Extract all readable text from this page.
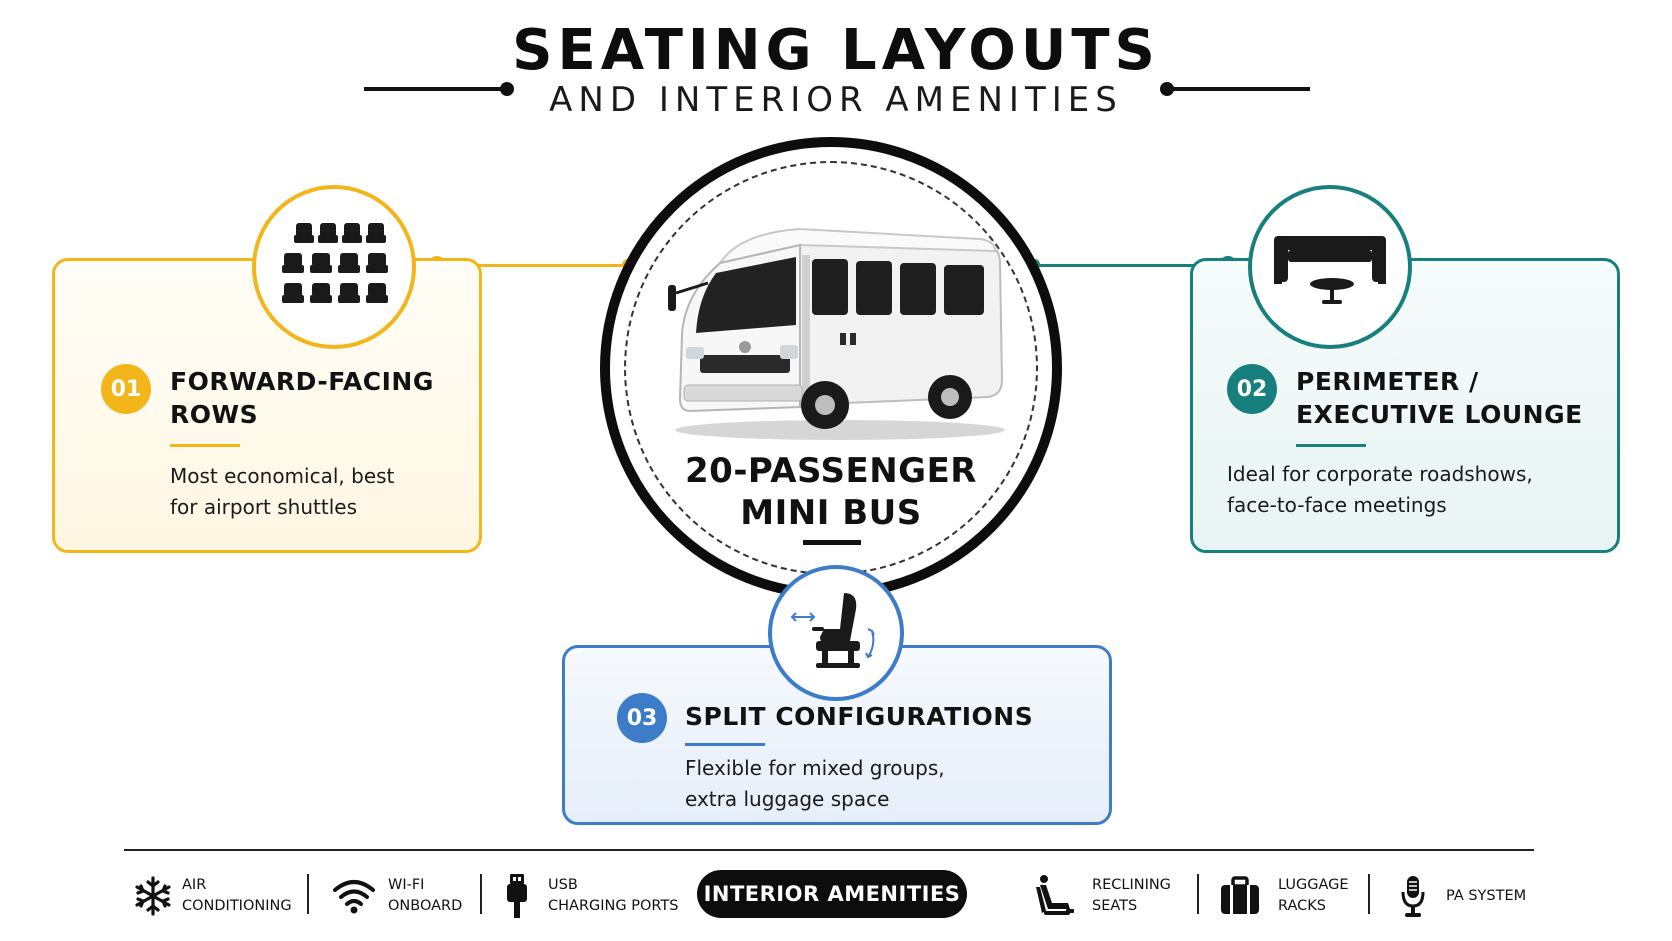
SEATING LAYOUTS
AND INTERIOR AMENITIES
01	FORWARD-FACING
ROWS
Most economical, best
for airport shuttles
02	PERIMETER /
EXECUTIVE LOUNGE
Ideal for corporate roadshows,
face-to-face meetings
20-PASSENGER
MINI BUS
03	SPLIT CONFIGURATIONS
Flexible for mixed groups,
extra luggage space
AIR
CONDITIONING
WI-FI
ONBOARD
USB
CHARGING PORTS	INTERIOR AMENITIES	RECLINING
SEATS
LUGGAGE
RACKS
PA SYSTEM
